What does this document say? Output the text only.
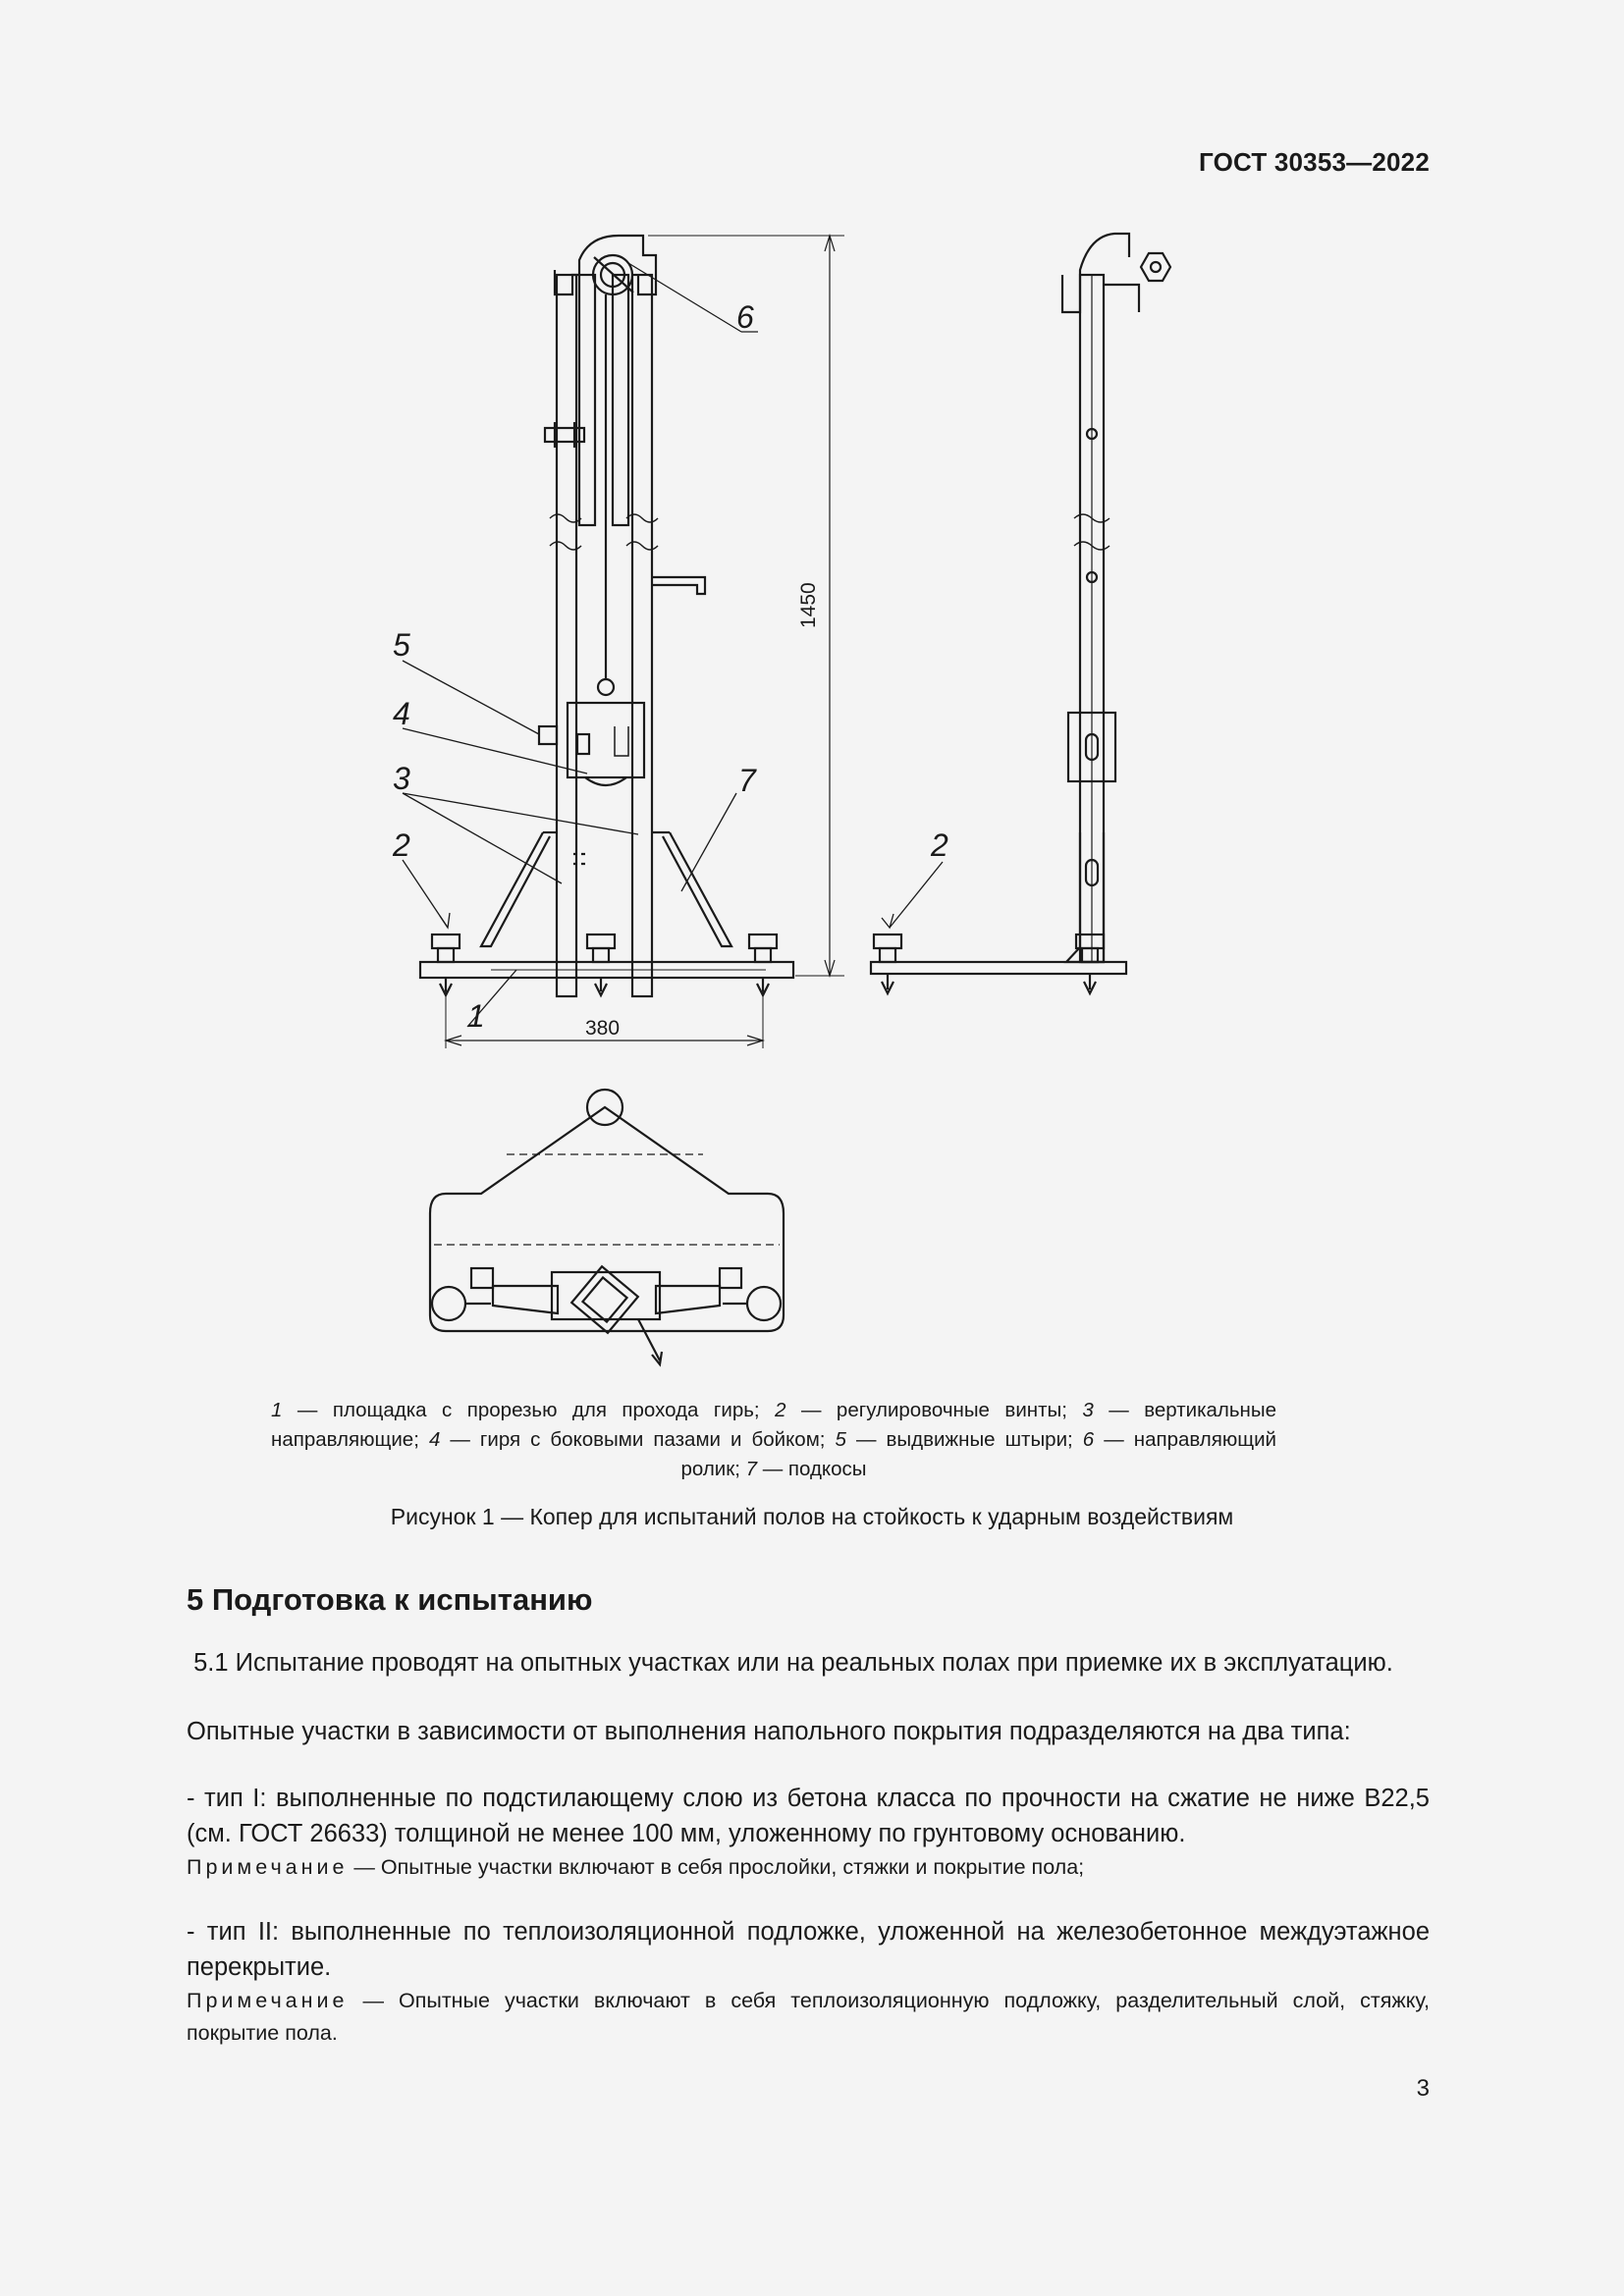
ГОСТ 30353—2022
5
4
3
2
7
6
1
2
1450
380
1 — площадка с прорезью для прохода гирь; 2 — регулировочные винты; 3 — вертикальные направляющие; 4 — гиря с боковыми пазами и бойком; 5 — выдвижные штыри; 6 — направляющий ролик; 7 — подкосы
Рисунок 1 — Копер для испытаний полов на стойкость к ударным воздействиям
5 Подготовка к испытанию
5.1 Испытание проводят на опытных участках или на реальных полах при приемке их в эксплуатацию.
Опытные участки в зависимости от выполнения напольного покрытия подразделяются на два типа:
- тип I: выполненные по подстилающему слою из бетона класса по прочности на сжатие не ниже В22,5 (см. ГОСТ 26633) толщиной не менее 100 мм, уложенному по грунтовому основанию.
Примечание — Опытные участки включают в себя прослойки, стяжки и покрытие пола;
- тип II: выполненные по теплоизоляционной подложке, уложенной на железобетонное междуэтажное перекрытие.
Примечание — Опытные участки включают в себя теплоизоляционную подложку, разделительный слой, стяжку, покрытие пола.
3
